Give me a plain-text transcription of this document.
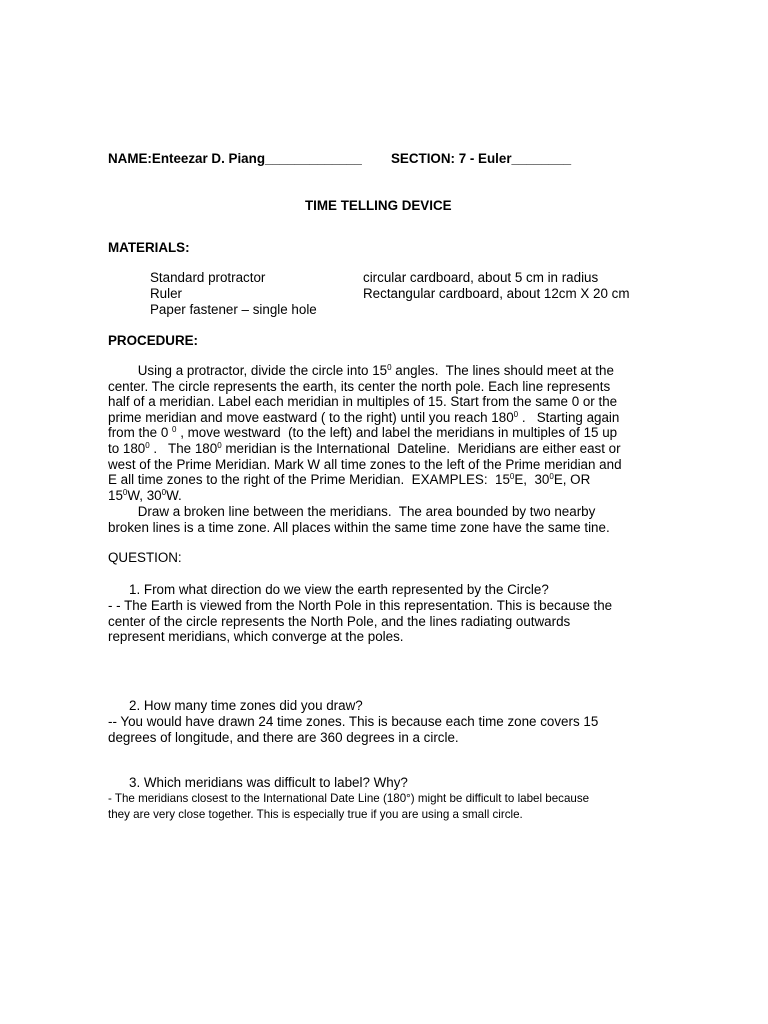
NAME:Enteezar D. Piang_____________ SECTION: 7 - Euler________
TIME TELLING DEVICE
MATERIALS:
Standard protractor
Ruler
Paper fastener – single hole
circular cardboard, about 5 cm in radius
Rectangular cardboard, about 12cm X 20 cm
PROCEDURE:
Using a protractor, divide the circle into $15^0$ angles.  The lines should meet at the
center. The circle represents the earth, its center the north pole. Each line represents
half of a meridian. Label each meridian in multiples of 15. Start from the same 0 or the
prime meridian and move eastward ( to the right) until you reach $180^0$ .   Starting again
from the 0 $^0$ , move westward  (to the left) and label the meridians in multiples of 15 up
to $180^0$ .   The $180^0$ meridian is the International  Dateline.  Meridians are either east or
west of the Prime Meridian. Mark W all time zones to the left of the Prime meridian and
E all time zones to the right of the Prime Meridian.  EXAMPLES:  $15^0E$,  $30^0E$, OR
$15^0W$, $30^0W$.
Draw a broken line between the meridians.  The area bounded by two nearby
broken lines is a time zone. All places within the same time zone have the same tine.
QUESTION:
1. From what direction do we view the earth represented by the Circle?
- - The Earth is viewed from the North Pole in this representation. This is because the
center of the circle represents the North Pole, and the lines radiating outwards
represent meridians, which converge at the poles.
2. How many time zones did you draw?
-- You would have drawn 24 time zones. This is because each time zone covers 15
degrees of longitude, and there are 360 degrees in a circle.
3. Which meridians was difficult to label? Why?
- The meridians closest to the International Date Line (180°) might be difficult to label because
they are very close together. This is especially true if you are using a small circle.
